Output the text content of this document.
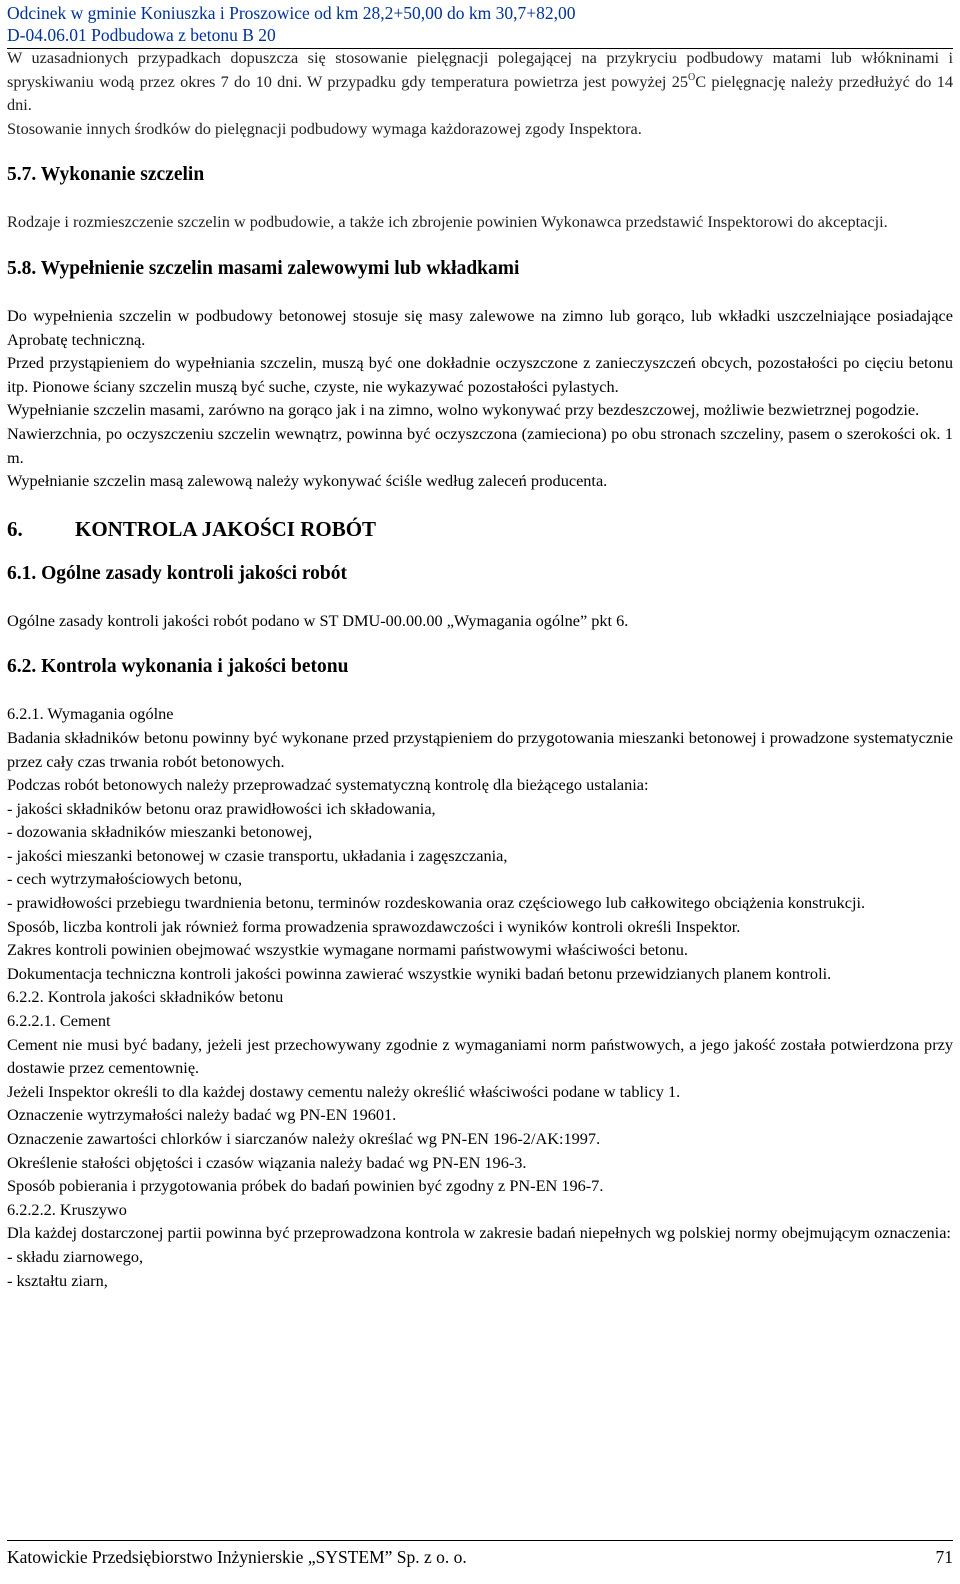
Odcinek w gminie Koniuszka i Proszowice od km 28,2+50,00 do km 30,7+82,00
D-04.06.01 Podbudowa z betonu B 20

W uzasadnionych przypadkach dopuszcza się stosowanie pielęgnacji polegającej na przykryciu podbudowy matami lub włókninami i spryskiwaniu wodą przez okres 7 do 10 dni. W przypadku gdy temperatura powietrza jest powyżej $25^OC$ pielęgnację należy przedłużyć do 14 dni.

Stosowanie innych środków do pielęgnacji podbudowy wymaga każdorazowej zgody Inspektora.

5.7. Wykonanie szczelin

Rodzaje i rozmieszczenie szczelin w podbudowie, a także ich zbrojenie powinien Wykonawca przedstawić Inspektorowi do akceptacji.

5.8. Wypełnienie szczelin masami zalewowymi lub wkładkami

Do wypełnienia szczelin w podbudowy betonowej stosuje się masy zalewowe na zimno lub gorąco, lub wkładki uszczelniające posiadające Aprobatę techniczną.

Przed przystąpieniem do wypełniania szczelin, muszą być one dokładnie oczyszczone z zanieczyszczeń obcych, pozostałości po cięciu betonu itp. Pionowe ściany szczelin muszą być suche, czyste, nie wykazywać pozostałości pylastych.

Wypełnianie szczelin masami, zarówno na gorąco jak i na zimno, wolno wykonywać przy bezdeszczowej, możliwie bezwietrznej pogodzie.

Nawierzchnia, po oczyszczeniu szczelin wewnątrz, powinna być oczyszczona (zamieciona) po obu stronach szczeliny, pasem o szerokości ok. 1 m.

Wypełnianie szczelin masą zalewową należy wykonywać ściśle według zaleceń producenta.

6. KONTROLA JAKOŚCI ROBÓT

6.1. Ogólne zasady kontroli jakości robót

Ogólne zasady kontroli jakości robót podano w ST DMU-00.00.00 „Wymagania ogólne” pkt 6.

6.2. Kontrola wykonania i jakości betonu

6.2.1. Wymagania ogólne

Badania składników betonu powinny być wykonane przed przystąpieniem do przygotowania mieszanki betonowej i prowadzone systematycznie przez cały czas trwania robót betonowych.

Podczas robót betonowych należy przeprowadzać systematyczną kontrolę dla bieżącego ustalania:

- jakości składników betonu oraz prawidłowości ich składowania,

- dozowania składników mieszanki betonowej,

- jakości mieszanki betonowej w czasie transportu, układania i zagęszczania,

- cech wytrzymałościowych betonu,

- prawidłowości przebiegu twardnienia betonu, terminów rozdeskowania oraz częściowego lub całkowitego obciążenia konstrukcji.

Sposób, liczba kontroli jak również forma prowadzenia sprawozdawczości i wyników kontroli określi Inspektor.

Zakres kontroli powinien obejmować wszystkie wymagane normami państwowymi właściwości betonu.

Dokumentacja techniczna kontroli jakości powinna zawierać wszystkie wyniki badań betonu przewidzianych planem kontroli.

6.2.2. Kontrola jakości składników betonu

6.2.2.1. Cement

Cement nie musi być badany, jeżeli jest przechowywany zgodnie z wymaganiami norm państwowych, a jego jakość została potwierdzona przy dostawie przez cementownię.

Jeżeli Inspektor określi to dla każdej dostawy cementu należy określić właściwości podane w tablicy 1.

Oznaczenie wytrzymałości należy badać wg PN-EN 19601.

Oznaczenie zawartości chlorków i siarczanów należy określać wg PN-EN 196-2/AK:1997.

Określenie stałości objętości i czasów wiązania należy badać wg PN-EN 196-3.

Sposób pobierania i przygotowania próbek do badań powinien być zgodny z PN-EN 196-7.

6.2.2.2. Kruszywo

Dla każdej dostarczonej partii powinna być przeprowadzona kontrola w zakresie badań niepełnych wg polskiej normy obejmującym oznaczenia:

- składu ziarnowego,

- kształtu ziarn,

Katowickie Przedsiębiorstwo Inżynierskie „SYSTEM” Sp. z o. o.	71
